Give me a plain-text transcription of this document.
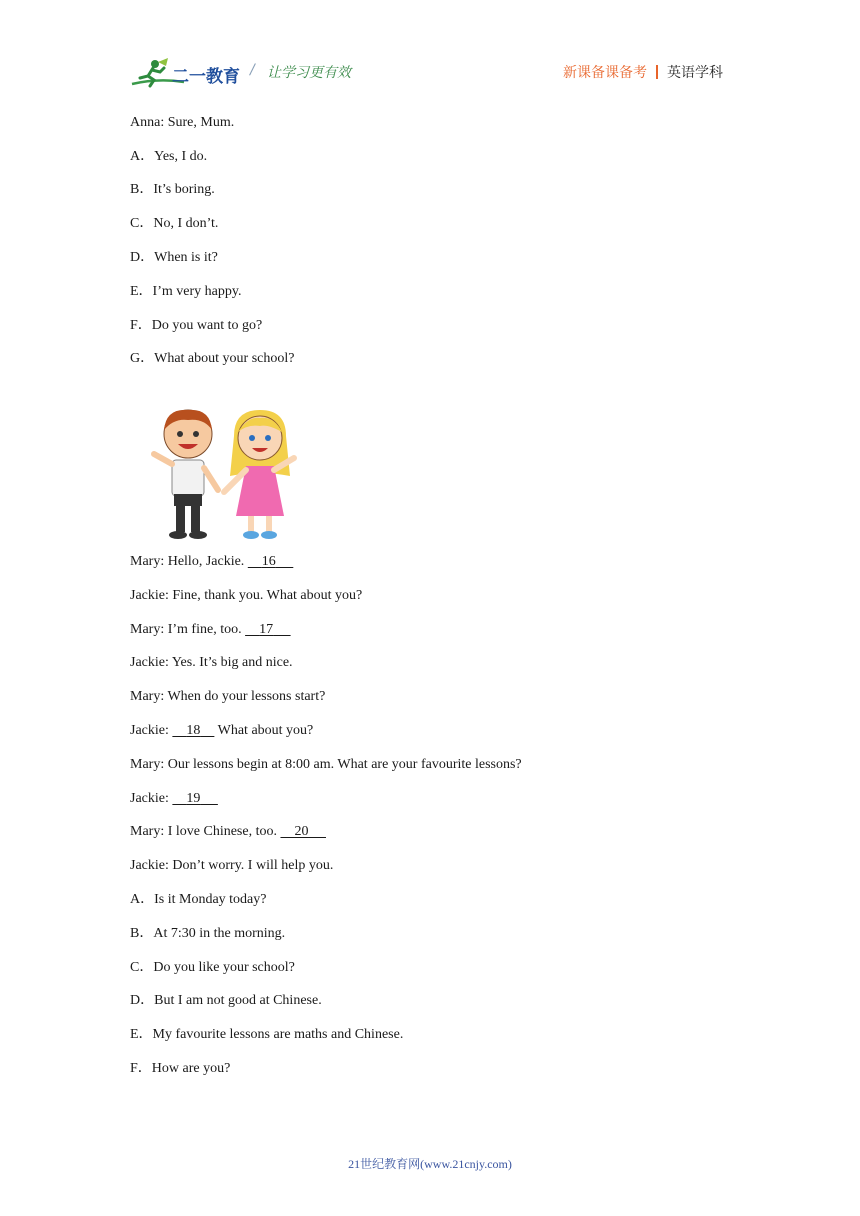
二一教育 / 让学习更有效	新课备课备考 英语学科
Anna: Sure, Mum.
A．Yes, I do.
B．It’s boring.
C．No, I don’t.
D．When is it?
E．I’m very happy.
F．Do you want to go?
G．What about your school?
Mary: Hello, Jackie.     16
Jackie: Fine, thank you. What about you?
Mary: I’m fine, too.     17
Jackie: Yes. It’s big and nice.
Mary: When do your lessons start?
Jackie:     18     What about you?
Mary: Our lessons begin at 8:00 am. What are your favourite lessons?
Jackie:     19
Mary: I love Chinese, too.     20
Jackie: Don’t worry. I will help you.
A．Is it Monday today?
B．At 7:30 in the morning.
C．Do you like your school?
D．But I am not good at Chinese.
E．My favourite lessons are maths and Chinese.
F．How are you?
21世纪教育网(www.21cnjy.com)
